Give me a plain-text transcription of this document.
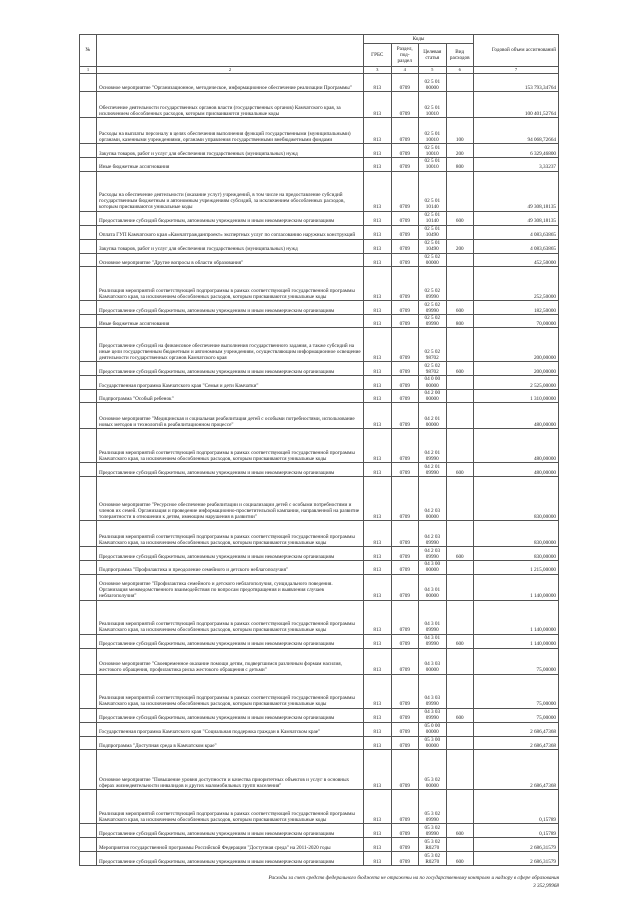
№		Коды				Годовой объем ассигнований
		ГРБС	Раздел, под-раздел	Целевая статья	Вид расходов	
1	2	3	4	5	6	7
	Основное мероприятие "Организационное, методическое, информационное обеспечение реализации Программы"	813	0709	02 5 01 00000		153 793,34764
	Обеспечение деятельности государственных органов власти (государственных органов) Камчатского края, за исключением обособленных расходов, которым присваиваются уникальные коды	813	0709	02 5 01 10010		100 401,52764
	Расходы на выплаты персоналу в целях обеспечения выполнения функций государственными (муниципальными) органами, казенными учреждениями, органами управления государственными внебюджетными фондами	813	0709	02 5 01 10010	100	94 068,72664
	Закупка товаров, работ и услуг для обеспечения государственных (муниципальных) нужд	813	0709	02 5 01 10010	200	6 329,46800
	Иные бюджетные ассигнования	813	0709	02 5 01 10010	800	3,33237
	Расходы на обеспечение деятельности (оказание услуг) учреждений, в том числе на предоставление субсидий государственным бюджетным и автономным учреждениям субсидий, за исключением обособленных расходов, которым присваиваются уникальные коды	813	0709	02 5 01 10140		49 308,18135
	Предоставление субсидий бюджетным, автономным учреждениям и иным некоммерческим организациям	813	0709	02 5 01 10140	600	49 308,18135
	Оплата ГУП Камчатского края «Камчатгражданпроект» экспертных услуг по согласованию наружных конструкций	813	0709	02 5 01 10490		4 083,63865
	Закупка товаров, работ и услуг для обеспечения государственных (муниципальных) нужд	813	0709	02 5 01 10490	200	4 083,63865
	Основное мероприятие "Другие вопросы в области образования"	813	0709	02 5 02 00000		452,50000
	Реализация мероприятий соответствующей подпрограммы в рамках соответствующей государственной программы Камчатского края, за исключением обособленных расходов, которым присваиваются уникальные коды	813	0709	02 5 02 09990		252,50000
	Предоставление субсидий бюджетным, автономным учреждениям и иным некоммерческим организациям	813	0709	02 5 02 09990	600	182,50000
	Иные бюджетные ассигнования	813	0709	02 5 02 09990	800	70,00000
	Предоставление субсидий на финансовое обеспечение выполнения государственного задания, а также субсидий на иные цели государственным бюджетным и автономным учреждениям, осуществляющим информационное освещение деятельности государственных органов Камчатского края	813	0709	02 5 02 98702		200,00000
	Предоставление субсидий бюджетным, автономным учреждениям и иным некоммерческим организациям	813	0709	02 5 02 98702	600	200,00000
	Государственная программа Камчатского края "Семья и дети Камчатки"	813	0709	04 0 00 00000		2 525,00000
	Подпрограмма "Особый ребенок"	813	0709	04 2 00 00000		1 310,00000
	Основное мероприятие "Медицинская и социальная реабилитация детей с особыми потребностями, использование новых методов и технологий в реабилитационном процессе"	813	0709	04 2 01 00000		480,00000
	Реализация мероприятий соответствующей подпрограммы в рамках соответствующей государственной программы Камчатского края, за исключением обособленных расходов, которым присваиваются уникальные коды	813	0709	04 2 01 09990		480,00000
	Предоставление субсидий бюджетным, автономным учреждениям и иным некоммерческим организациям	813	0709	04 2 01 09990	600	480,00000
	Основное мероприятие "Ресурсное обеспечение реабилитации и социализации детей с особыми потребностями и членов их семей. Организация и проведение информационно-просветительской кампании, направленной на развитие толерантности в отношении к детям, имеющим нарушения в развитии"	813	0709	04 2 03 00000		830,00000
	Реализация мероприятий соответствующей подпрограммы в рамках соответствующей государственной программы Камчатского края, за исключением обособленных расходов, которым присваиваются уникальные коды	813	0709	04 2 03 09990		830,00000
	Предоставление субсидий бюджетным, автономным учреждениям и иным некоммерческим организациям	813	0709	04 2 03 09990	600	830,00000
	Подпрограмма "Профилактика и преодоление семейного и детского неблагополучия"	813	0709	04 3 00 00000		1 215,00000
	Основное мероприятие "Профилактика семейного и детского неблагополучия, суицидального поведения. Организация межведомственного взаимодействия по вопросам предотвращения и выявления случаев неблагополучия"	813	0709	04 3 01 00000		1 140,00000
	Реализация мероприятий соответствующей подпрограммы в рамках соответствующей государственной программы Камчатского края, за исключением обособленных расходов, которым присваиваются уникальные коды	813	0709	04 3 01 09990		1 140,00000
	Предоставление субсидий бюджетным, автономным учреждениям и иным некоммерческим организациям	813	0709	04 3 01 09990	600	1 140,00000
	Основное мероприятие "Своевременное оказание помощи детям, подвергшимся различным формам насилия, жестокого обращения, профилактика риска жестокого обращения с детьми"	813	0709	04 3 03 00000		75,00000
	Реализация мероприятий соответствующей подпрограммы в рамках соответствующей государственной программы Камчатского края, за исключением обособленных расходов, которым присваиваются уникальные коды	813	0709	04 3 03 09990		75,00000
	Предоставление субсидий бюджетным, автономным учреждениям и иным некоммерческим организациям	813	0709	04 3 03 09990	600	75,00000
	Государственная программа Камчатского края "Социальная поддержка граждан в Камчатском крае"	813	0709	05 0 00 00000		2 686,47368
	Подпрограмма "Доступная среда в Камчатском крае"	813	0709	05 3 00 00000		2 686,47368
	Основное мероприятие "Повышение уровня доступности и качества приоритетных объектов и услуг в основных сферах жизнедеятельности инвалидов и других маломобильных групп населения"	813	0709	05 3 02 00000		2 686,47368
	Реализация мероприятий соответствующей подпрограммы в рамках соответствующей государственной программы Камчатского края, за исключением обособленных расходов, которым присваиваются уникальные коды	813	0709	05 3 02 09990		0,15789
	Предоставление субсидий бюджетным, автономным учреждениям и иным некоммерческим организациям	813	0709	05 3 02 09990	600	0,15789
	Мероприятия государственной программы Российской Федерации "Доступная среда" на 2011-2020 годы	813	0709	05 3 02 R0270		2 686,31579
	Предоставление субсидий бюджетным, автономным учреждениям и иным некоммерческим организациям	813	0709	05 3 02 R0270	600	2 686,31579
Расходы за счет средств федерального бюджета не отражены на по государственному контролю и надзору в сфере образования
3 352,99968
